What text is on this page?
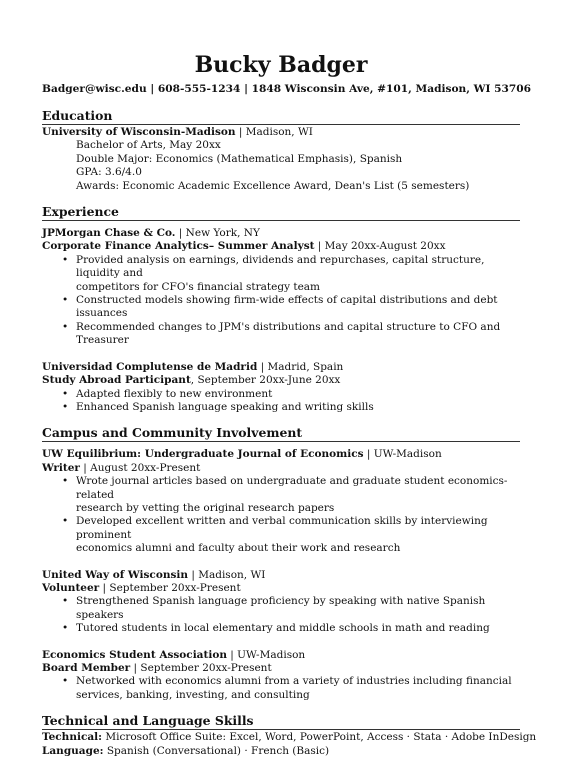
Bucky Badger
Badger@wisc.edu | 608-555-1234 | 1848 Wisconsin Ave, #101, Madison, WI 53706
Education
University of Wisconsin-Madison | Madison, WI
Bachelor of Arts, May 20xx
Double Major: Economics (Mathematical Emphasis), Spanish
GPA: 3.6/4.0
Awards: Economic Academic Excellence Award, Dean's List (5 semesters)
Experience
JPMorgan Chase & Co. | New York, NY
Corporate Finance Analytics– Summer Analyst | May 20xx-August 20xx
• Provided analysis on earnings, dividends and repurchases, capital structure, liquidity and
competitors for CFO's financial strategy team
• Constructed models showing firm-wide effects of capital distributions and debt issuances
• Recommended changes to JPM's distributions and capital structure to CFO and Treasurer
Universidad Complutense de Madrid | Madrid, Spain
Study Abroad Participant, September 20xx-June 20xx
• Adapted flexibly to new environment
• Enhanced Spanish language speaking and writing skills
Campus and Community Involvement
UW Equilibrium: Undergraduate Journal of Economics | UW-Madison
Writer | August 20xx-Present
• Wrote journal articles based on undergraduate and graduate student economics-related
research by vetting the original research papers
• Developed excellent written and verbal communication skills by interviewing prominent
economics alumni and faculty about their work and research
United Way of Wisconsin | Madison, WI
Volunteer | September 20xx-Present
• Strengthened Spanish language proficiency by speaking with native Spanish speakers
• Tutored students in local elementary and middle schools in math and reading
Economics Student Association | UW-Madison
Board Member | September 20xx-Present
• Networked with economics alumni from a variety of industries including financial
services, banking, investing, and consulting
Technical and Language Skills
Technical: Microsoft Office Suite: Excel, Word, PowerPoint, Access · Stata · Adobe InDesign
Language: Spanish (Conversational) · French (Basic)
